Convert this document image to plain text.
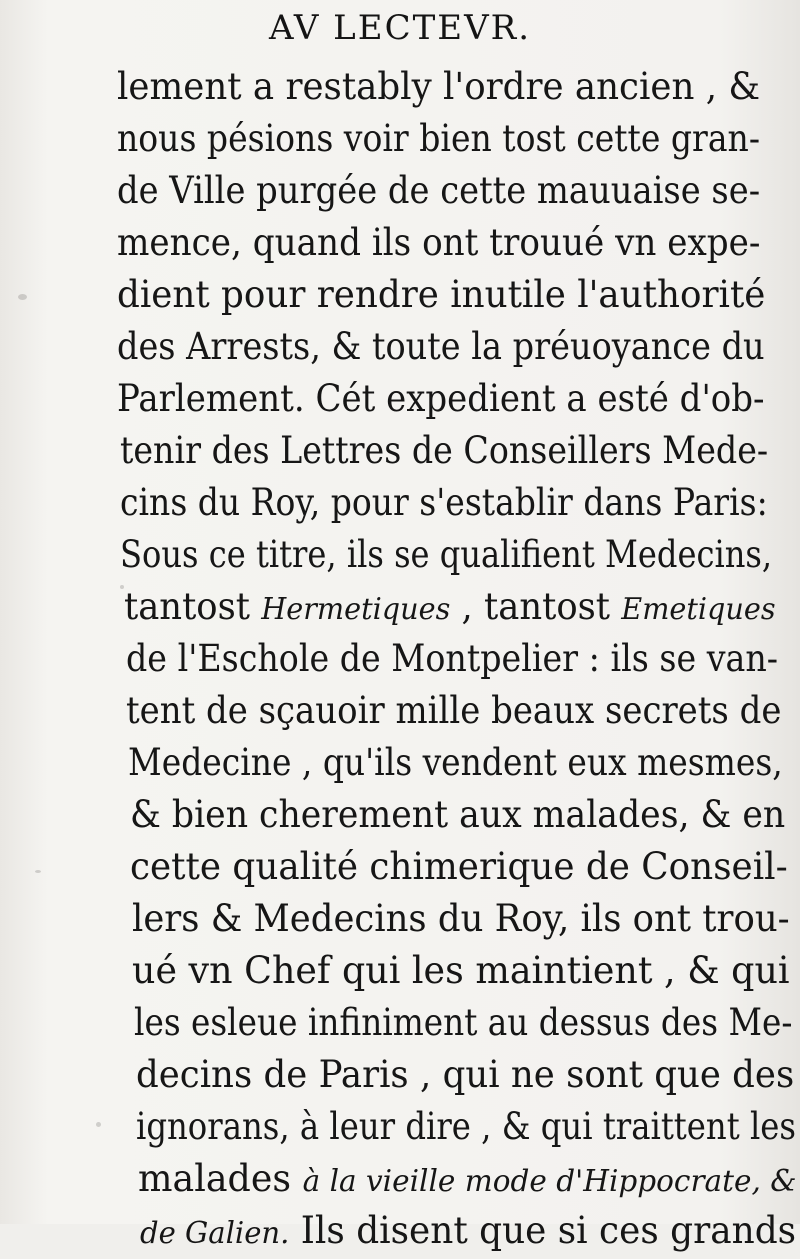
AV LECTEVR.
lement a restably l'ordre ancien , &
nous pésions voir bien tost cette gran-
de Ville purgée de cette mauuaise se-
mence, quand ils ont trouué vn expe-
dient pour rendre inutile l'authorité
des Arrests, & toute la préuoyance du
Parlement. Cét expedient a esté d'ob-
tenir des Lettres de Conseillers Mede-
cins du Roy, pour s'establir dans Paris:
Sous ce titre, ils se qualifient Medecins,
tantost Hermetiques , tantost Emetiques
de l'Eschole de Montpelier : ils se van-
tent de sçauoir mille beaux secrets de
Medecine , qu'ils vendent eux mesmes,
& bien cherement aux malades, & en
cette qualité chimerique de Conseil-
lers & Medecins du Roy, ils ont trou-
ué vn Chef qui les maintient , & qui
les esleue infiniment au dessus des Me-
decins de Paris , qui ne sont que des
ignorans, à leur dire , & qui traittent les
malades à la vieille mode d'Hippocrate, &
de Galien. Ils disent que si ces grands
